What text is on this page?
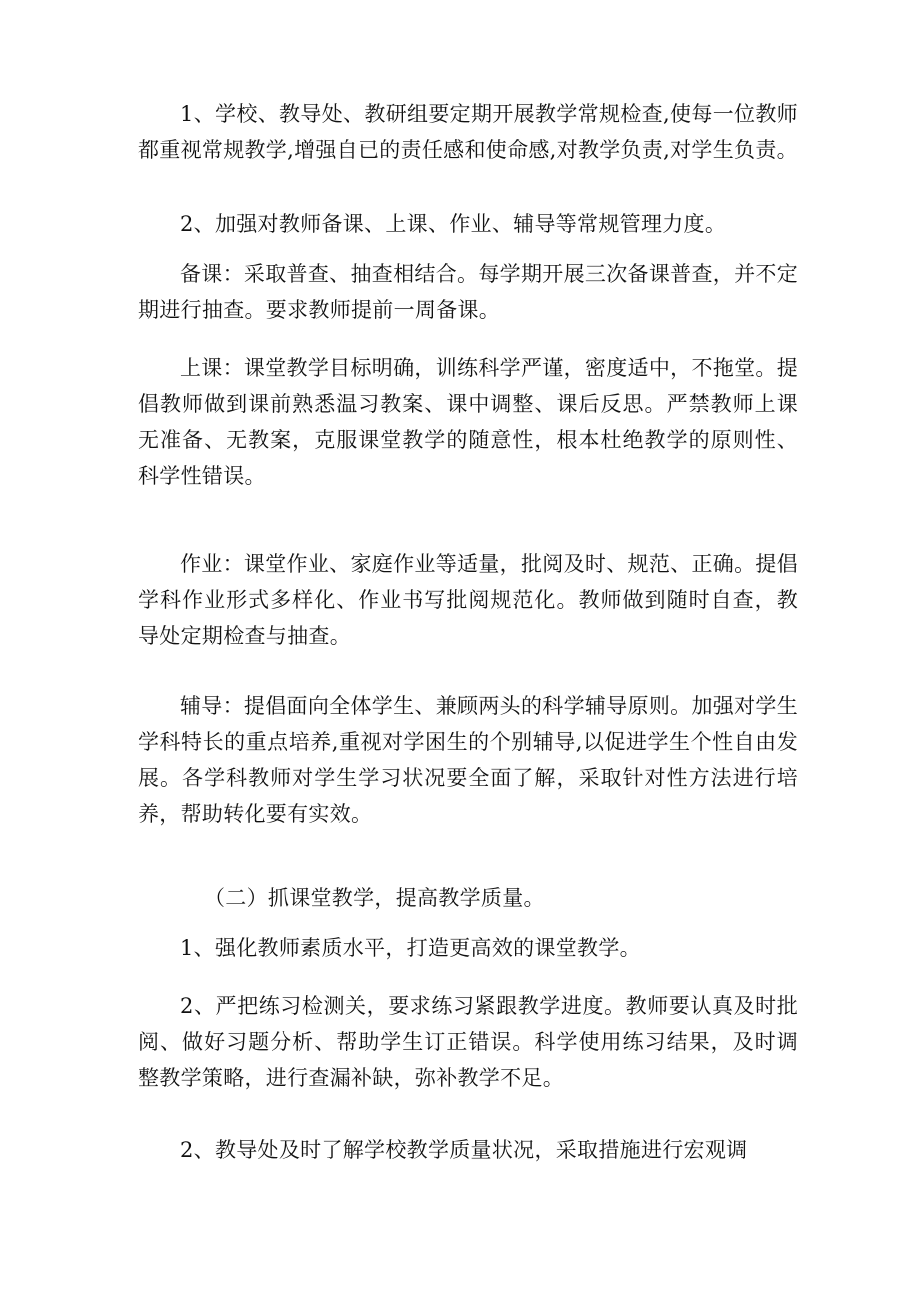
1、学校、教导处、教研组要定期开展教学常规检查,使每一位教师都重视常规教学,增强自已的责任感和使命感,对教学负责,对学生负责。

2、加强对教师备课、上课、作业、辅导等常规管理力度。

备课：采取普查、抽查相结合。每学期开展三次备课普查，并不定期进行抽查。要求教师提前一周备课。

上课：课堂教学目标明确，训练科学严谨，密度适中，不拖堂。提倡教师做到课前熟悉温习教案、课中调整、课后反思。严禁教师上课无准备、无教案，克服课堂教学的随意性，根本杜绝教学的原则性、科学性错误。

作业：课堂作业、家庭作业等适量，批阅及时、规范、正确。提倡学科作业形式多样化、作业书写批阅规范化。教师做到随时自查，教导处定期检查与抽查。

辅导：提倡面向全体学生、兼顾两头的科学辅导原则。加强对学生学科特长的重点培养,重视对学困生的个别辅导,以促进学生个性自由发展。各学科教师对学生学习状况要全面了解，采取针对性方法进行培养，帮助转化要有实效。

（二）抓课堂教学，提高教学质量。

1、强化教师素质水平，打造更高效的课堂教学。

2、严把练习检测关，要求练习紧跟教学进度。教师要认真及时批阅、做好习题分析、帮助学生订正错误。科学使用练习结果，及时调整教学策略，进行查漏补缺，弥补教学不足。

2、教导处及时了解学校教学质量状况，采取措施进行宏观调
